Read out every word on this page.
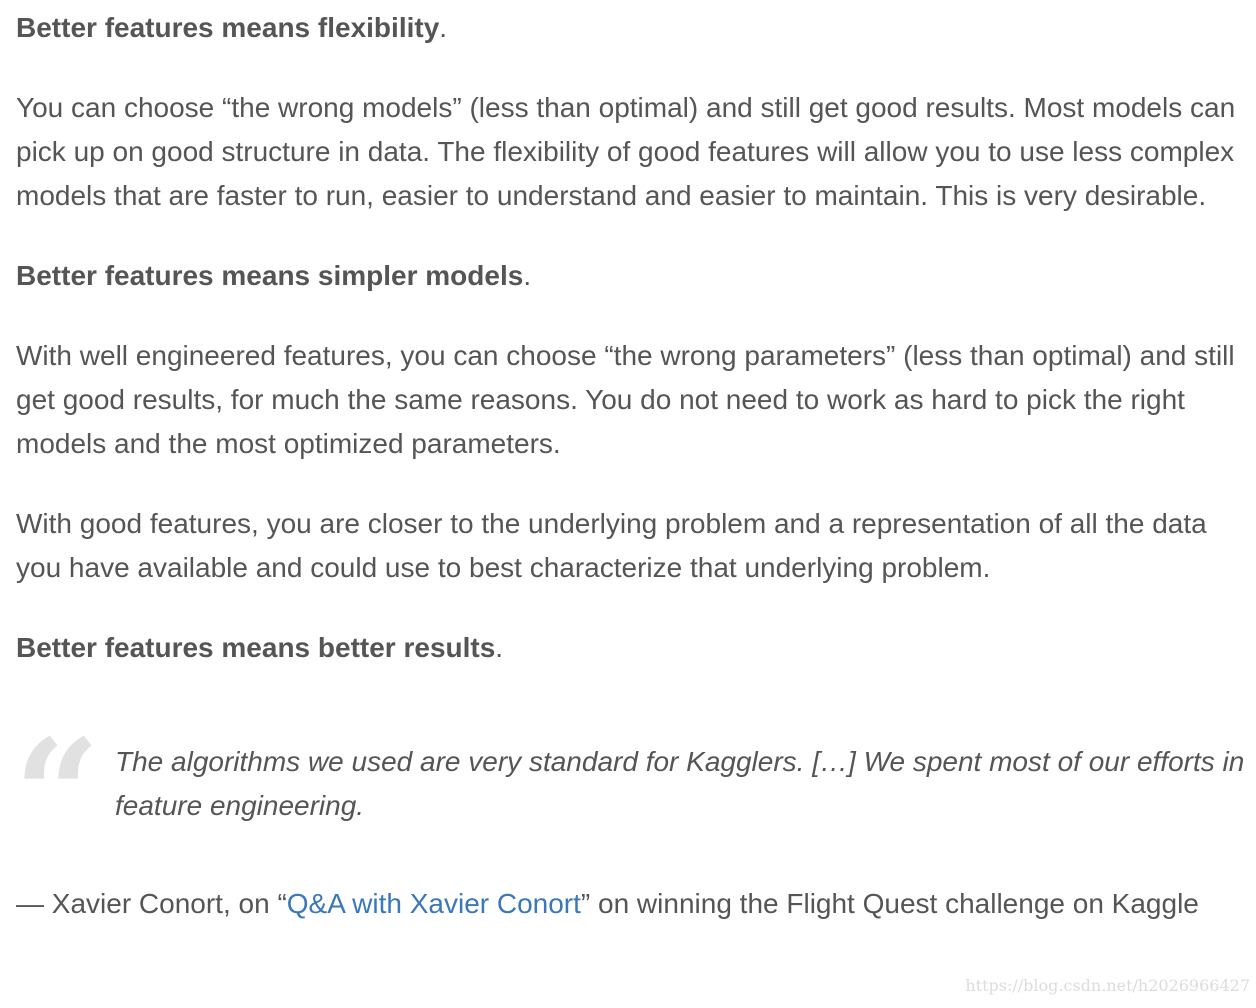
Better features means flexibility.

You can choose “the wrong models” (less than optimal) and still get good results. Most models can pick up on good structure in data. The flexibility of good features will allow you to use less complex models that are faster to run, easier to understand and easier to maintain. This is very desirable.

Better features means simpler models.

With well engineered features, you can choose “the wrong parameters” (less than optimal) and still get good results, for much the same reasons. You do not need to work as hard to pick the right models and the most optimized parameters.

With good features, you are closer to the underlying problem and a representation of all the data you have available and could use to best characterize that underlying problem.

Better features means better results.

“ The algorithms we used are very standard for Kagglers. […] We spent most of our efforts in feature engineering.

— Xavier Conort, on “Q&A with Xavier Conort” on winning the Flight Quest challenge on Kaggle

https://blog.csdn.net/h2026966427
